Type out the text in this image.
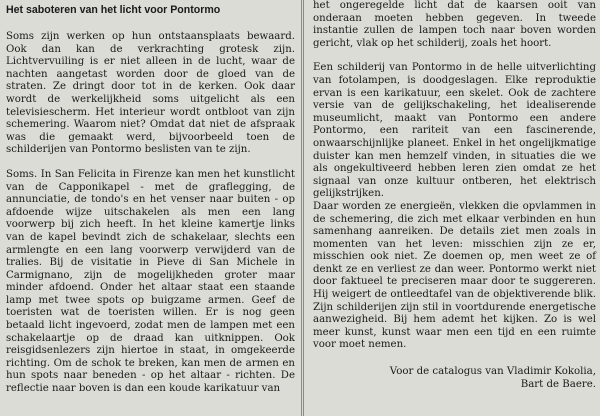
Het saboteren van het licht voor Pontormo

Soms zijn werken op hun ontstaansplaats bewaard. Ook dan kan de verkrachting grotesk zijn. Lichtvervuiling is er niet alleen in de lucht, waar de nachten aangetast worden door de gloed van de straten. Ze dringt door tot in de kerken. Ook daar wordt de werkelijkheid soms uitgelicht als een televisiescherm. Het interieur wordt ontbloot van zijn schemering. Waarom niet? Omdat dat niet de afspraak was die gemaakt werd, bijvoorbeeld toen de schilderijen van Pontormo beslisten van te zijn.

Soms. In San Felicita in Firenze kan men het kunstlicht van de Capponikapel - met de graflegging, de annunciatie, de tondo's en het venser naar buiten - op afdoende wijze uitschakelen als men een lang voorwerp bij zich heeft. In het kleine kamertje links van de kapel bevindt zich de schakelaar, slechts een armlengte en een lang voorwerp verwijderd van de tralies. Bij de visitatie in Pieve di San Michele in Carmignano, zijn de mogelijkheden groter maar minder afdoend. Onder het altaar staat een staande lamp met twee spots op buigzame armen. Geef de toeristen wat de toeristen willen. Er is nog geen betaald licht ingevoerd, zodat men de lampen met een schakelaartje op de draad kan uitknippen. Ook reisgidsenlezers zijn hiertoe in staat, in omgekeerde richting. Om de schok te breken, kan men de armen en hun spots naar beneden - op het altaar - richten. De reflectie naar boven is dan een koude karikatuur van

het ongeregelde licht dat de kaarsen ooit van onderaan moeten hebben gegeven. In tweede instantie zullen de lampen toch naar boven worden gericht, vlak op het schilderij, zoals het hoort.

Een schilderij van Pontormo in de helle uitverlichting van fotolampen, is doodgeslagen. Elke reproduktie ervan is een karikatuur, een skelet. Ook de zachtere versie van de gelijkschakeling, het idealiserende museumlicht, maakt van Pontormo een andere Pontormo, een rariteit van een fascinerende, onwaarschijnlijke planeet. Enkel in het ongelijkmatige duister kan men hemzelf vinden, in situaties die we als ongekultiveerd hebben leren zien omdat ze het signaal van onze kultuur ontberen, het elektrisch gelijkstrijken.

Daar worden ze energieën, vlekken die opvlammen in de schemering, die zich met elkaar verbinden en hun samenhang aanreiken. De details ziet men zoals in momenten van het leven: misschien zijn ze er, misschien ook niet. Ze doemen op, men weet ze of denkt ze en verliest ze dan weer. Pontormo werkt niet door faktueel te preciseren maar door te suggereren. Hij weigert de ontleedtafel van de objektiverende blik. Zijn schilderijen zijn stil in voortdurende energetische aanwezigheid. Bij hem ademt het kijken. Zo is wel meer kunst, kunst waar men een tijd en een ruimte voor moet nemen.

Voor de catalogus van Vladimir Kokolia,
Bart de Baere.
